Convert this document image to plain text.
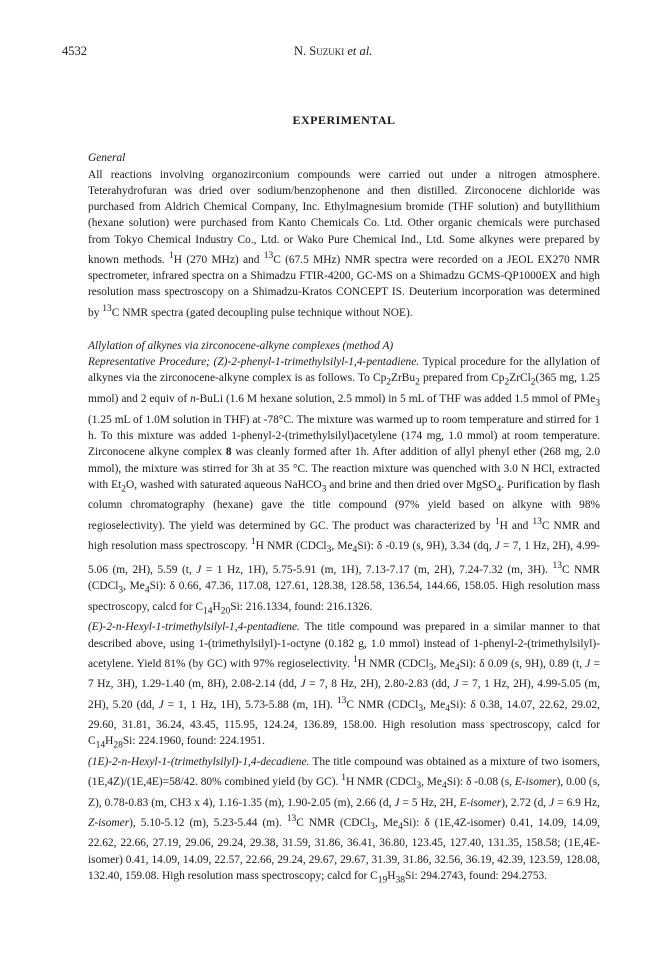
4532	N. Suzuki et al.
EXPERIMENTAL

General

All reactions involving organozirconium compounds were carried out under a nitrogen atmosphere. Teterahydrofuran was dried over sodium/benzophenone and then distilled. Zirconocene dichloride was purchased from Aldrich Chemical Company, Inc. Ethylmagnesium bromide (THF solution) and butyllithium (hexane solution) were purchased from Kanto Chemicals Co. Ltd. Other organic chemicals were purchased from Tokyo Chemical Industry Co., Ltd. or Wako Pure Chemical Ind., Ltd. Some alkynes were prepared by known methods. $^1$H (270 MHz) and $^{13}$C (67.5 MHz) NMR spectra were recorded on a JEOL EX270 NMR spectrometer, infrared spectra on a Shimadzu FTIR-4200, GC-MS on a Shimadzu GCMS-QP1000EX and high resolution mass spectroscopy on a Shimadzu-Kratos CONCEPT IS. Deuterium incorporation was determined by $^{13}$C NMR spectra (gated decoupling pulse technique without NOE).

Allylation of alkynes via zirconocene-alkyne complexes (method A)

Representative Procedure; (Z)-2-phenyl-1-trimethylsilyl-1,4-pentadiene. Typical procedure for the allylation of alkynes via the zirconocene-alkyne complex is as follows. To $Cp_2ZrBu_2$ prepared from $Cp_2ZrCl_2(365$ mg, 1.25 mmol) and 2 equiv of n-BuLi (1.6 M hexane solution, 2.5 mmol) in 5 mL of THF was added 1.5 mmol of PMe$_3$ (1.25 mL of 1.0M solution in THF) at -78°C. The mixture was warmed up to room temperature and stirred for 1 h. To this mixture was added 1-phenyl-2-(trimethylsilyl)acetylene (174 mg, 1.0 mmol) at room temperature. Zirconocene alkyne complex 8 was cleanly formed after 1h. After addition of allyl phenyl ether (268 mg, 2.0 mmol), the mixture was stirred for 3h at 35 °C. The reaction mixture was quenched with 3.0 N HCl, extracted with $Et_2O$, washed with saturated aqueous NaHCO$_3$ and brine and then dried over MgSO$_4$. Purification by flash column chromatography (hexane) gave the title compound (97% yield based on alkyne with 98% regioselectivity). The yield was determined by GC. The product was characterized by $^1$H and $^{13}$C NMR and high resolution mass spectroscopy. $^1$H NMR (CDCl$_3$, $Me_4Si$): δ -0.19 (s, 9H), 3.34 (dq, J = 7, 1 Hz, 2H), 4.99-5.06 (m, 2H), 5.59 (t, J = 1 Hz, 1H), 5.75-5.91 (m, 1H), 7.13-7.17 (m, 2H), 7.24-7.32 (m, 3H). $^{13}$C NMR (CDCl$_3$, $Me_4Si$): δ 0.66, 47.36, 117.08, 127.61, 128.38, 128.58, 136.54, 144.66, 158.05. High resolution mass spectroscopy, calcd for $C_{14}H_{20}Si$: 216.1334, found: 216.1326.

(E)-2-n-Hexyl-1-trimethylsilyl-1,4-pentadiene. The title compound was prepared in a similar manner to that described above, using 1-(trimethylsilyl)-1-octyne (0.182 g, 1.0 mmol) instead of 1-phenyl-2-(trimethylsilyl)-acetylene. Yield 81% (by GC) with 97% regioselectivity. $^1$H NMR (CDCl$_3$, $Me_4Si$): δ 0.09 (s, 9H), 0.89 (t, J = 7 Hz, 3H), 1.29-1.40 (m, 8H), 2.08-2.14 (dd, J = 7, 8 Hz, 2H), 2.80-2.83 (dd, J = 7, 1 Hz, 2H), 4.99-5.05 (m, 2H), 5.20 (dd, J = 1, 1 Hz, 1H), 5.73-5.88 (m, 1H). $^{13}$C NMR (CDCl$_3$, $Me_4Si$): δ 0.38, 14.07, 22.62, 29.02, 29.60, 31.81, 36.24, 43.45, 115.95, 124.24, 136.89, 158.00. High resolution mass spectroscopy, calcd for $C_{14}H_{28}Si$: 224.1960, found: 224.1951.

(1E)-2-n-Hexyl-1-(trimethylsilyl)-1,4-decadiene. The title compound was obtained as a mixture of two isomers, (1E,4Z)/(1E,4E)=58/42. 80% combined yield (by GC). $^1$H NMR (CDCl$_3$, $Me_4Si$): δ -0.08 (s, E-isomer), 0.00 (s, Z), 0.78-0.83 (m, CH3 x 4), 1.16-1.35 (m), 1.90-2.05 (m), 2.66 (d, J = 5 Hz, 2H, E-isomer), 2.72 (d, J = 6.9 Hz, Z-isomer), 5.10-5.12 (m), 5.23-5.44 (m). $^{13}$C NMR (CDCl$_3$, $Me_4Si$): δ (1E,4Z-isomer) 0.41, 14.09, 14.09, 22.62, 22.66, 27.19, 29.06, 29.24, 29.38, 31.59, 31.86, 36.41, 36.80, 123.45, 127.40, 131.35, 158.58; (1E,4E-isomer) 0.41, 14.09, 14.09, 22.57, 22.66, 29.24, 29.67, 29.67, 31.39, 31.86, 32.56, 36.19, 42.39, 123.59, 128.08, 132.40, 159.08. High resolution mass spectroscopy; calcd for $C_{19}H_{38}Si$: 294.2743, found: 294.2753.
